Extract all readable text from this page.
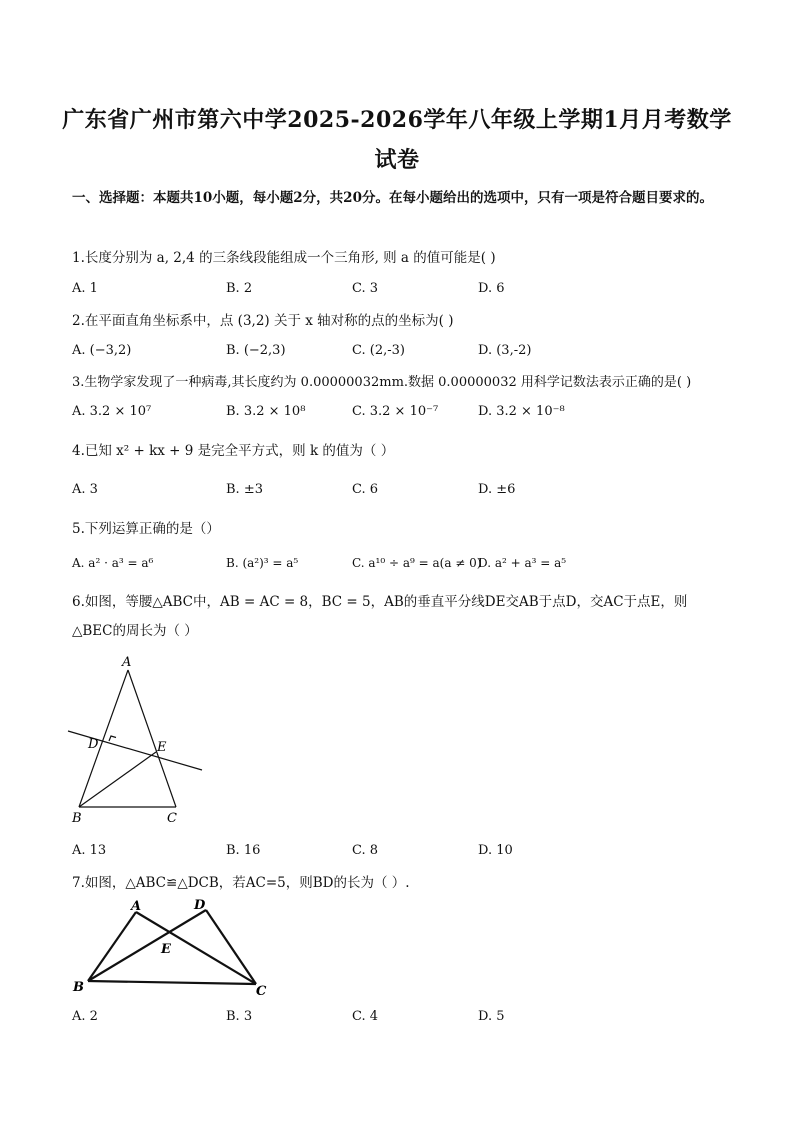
广东省广州市第六中学2025-2026学年八年级上学期1月月考数学试卷
一、选择题：本题共10小题，每小题2分，共20分。在每小题给出的选项中，只有一项是符合题目要求的。
1.长度分别为 a, 2,4 的三条线段能组成一个三角形, 则 a 的值可能是( )
A. 1	B. 2	C. 3	D. 6
2.在平面直角坐标系中，点 (3,2) 关于 x 轴对称的点的坐标为( )
A. (−3,2)	B. (−2,3)	C. (2,-3)	D. (3,-2)
3.生物学家发现了一种病毒,其长度约为 0.00000032mm.数据 0.00000032 用科学记数法表示正确的是( )
A. 3.2 × 10⁷	B. 3.2 × 10⁸	C. 3.2 × 10⁻⁷	D. 3.2 × 10⁻⁸
4.已知 x² + kx + 9 是完全平方式，则 k 的值为（ ）
A. 3	B. ±3	C. 6	D. ±6
5.下列运算正确的是（）
A. a² · a³ = a⁶	B. (a²)³ = a⁵	C. a¹⁰ ÷ a⁹ = a(a ≠ 0)
D. a² + a³ = a⁵
6.如图，等腰△ABC中，AB = AC = 8，BC = 5，AB的垂直平分线DE交AB于点D，交AC于点E，则△BEC的周长为（ ）
A
D	E
B	C
A. 13	B. 16	C. 8	D. 10
7.如图，△ABC≌△DCB，若AC=5，则BD的长为（ ）.
A	D
E
B	C
A. 2	B. 3	C. 4	D. 5
